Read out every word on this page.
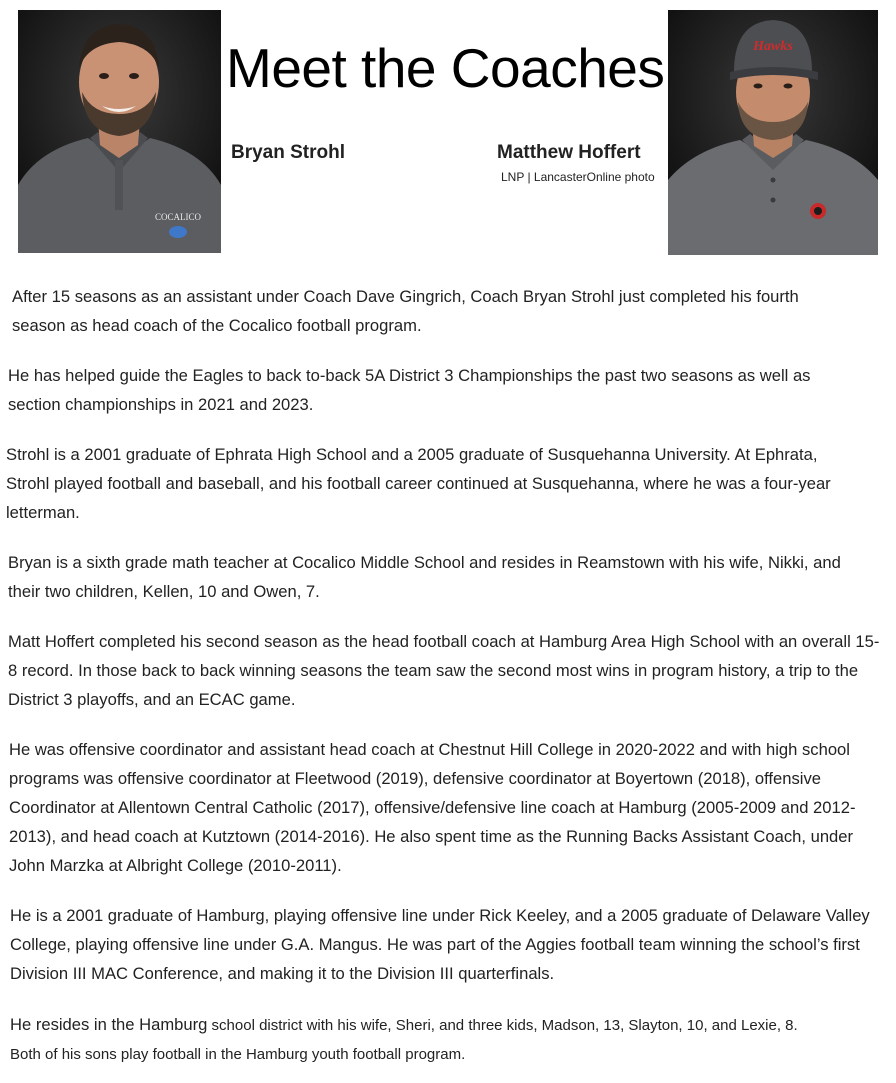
COCALICO
Meet the Coaches
Bryan Strohl	Matthew Hoffert
LNP | LancasterOnline photo
Hawks
After 15 seasons as an assistant under Coach Dave Gingrich, Coach Bryan Strohl just completed his fourth season as head coach of the Cocalico football program.
He has helped guide the Eagles to back to-back 5A District 3 Championships the past two seasons as well as section championships in 2021 and 2023.
Strohl is a 2001 graduate of Ephrata High School and a 2005 graduate of Susquehanna University. At Ephrata, Strohl played football and baseball, and his football career continued at Susquehanna, where he was a four-year letterman.
Bryan is a sixth grade math teacher at Cocalico Middle School and resides in Reamstown with his wife, Nikki, and their two children, Kellen, 10 and Owen, 7.
Matt Hoffert completed his second season as the head football coach at Hamburg Area High School with an overall 15-8 record. In those back to back winning seasons the team saw the second most wins in program history, a trip to the District 3 playoffs, and an ECAC game.
He was offensive coordinator and assistant head coach at Chestnut Hill College in 2020-2022 and with high school programs was offensive coordinator at Fleetwood (2019), defensive coordinator at Boyertown (2018), offensive Coordinator at Allentown Central Catholic (2017), offensive/defensive line coach at Hamburg (2005-2009 and 2012-2013), and head coach at Kutztown (2014-2016). He also spent time as the Running Backs Assistant Coach, under John Marzka at Albright College (2010-2011).
He is a 2001 graduate of Hamburg, playing offensive line under Rick Keeley, and a 2005 graduate of Delaware Valley College, playing offensive line under G.A. Mangus. He was part of the Aggies football team winning the school’s first Division III MAC Conference, and making it to the Division III quarterfinals.
He resides in the Hamburg school district with his wife, Sheri, and three kids, Madson, 13, Slayton, 10, and Lexie, 8. Both of his sons play football in the Hamburg youth football program.
